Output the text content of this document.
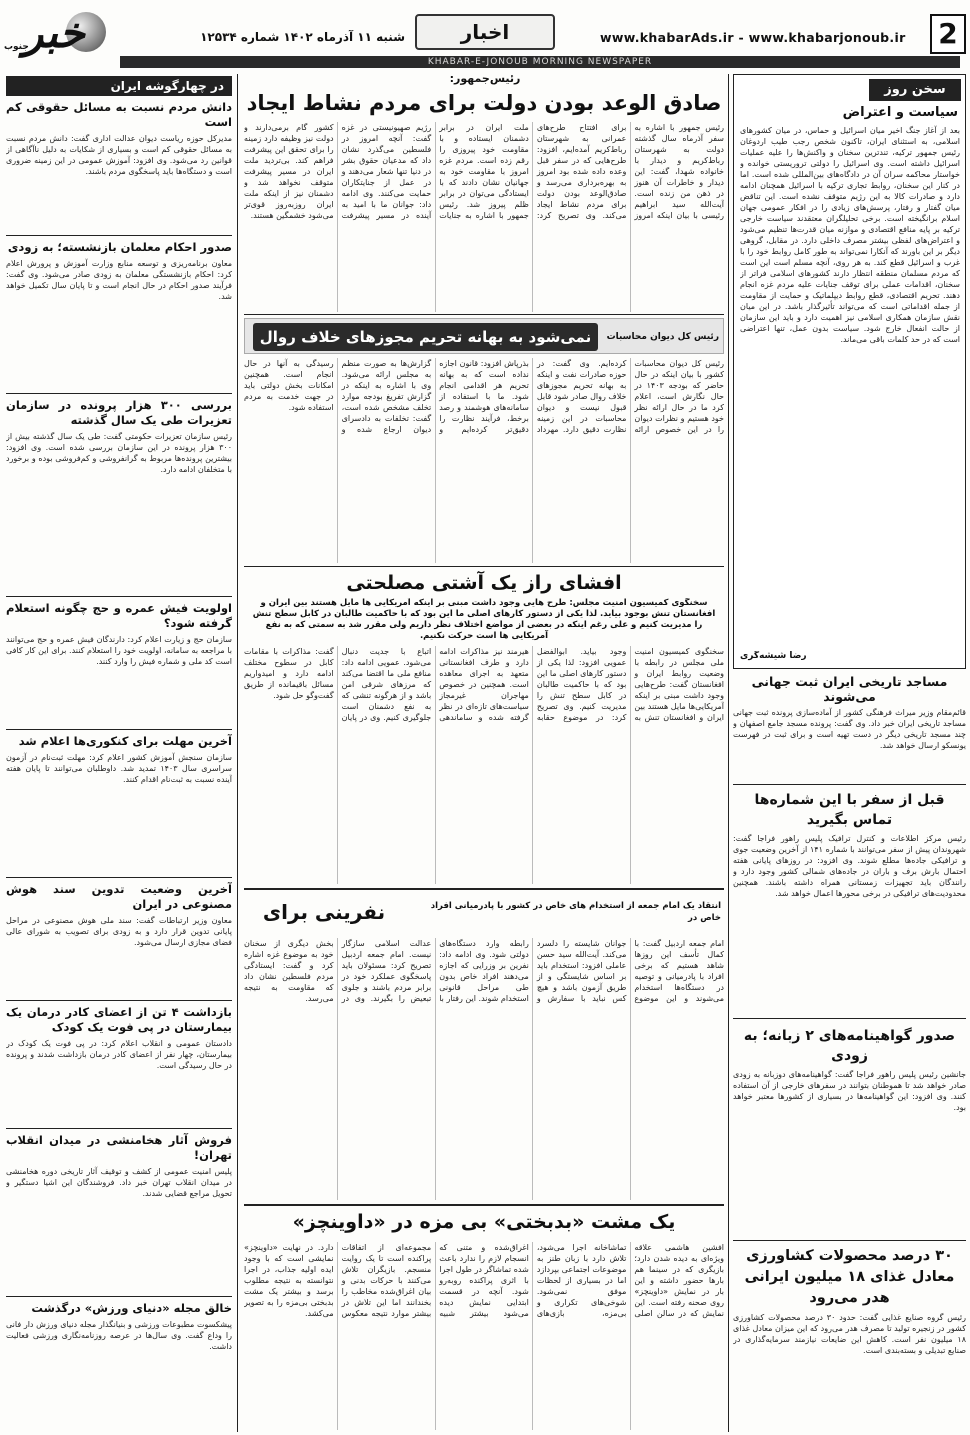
2
www.khabarAds.ir - www.khabarjonoub.ir
اخبار
شنبه ۱۱ آذرماه ۱۴۰۲ شماره ۱۲۵۳۴
خبر
جنوب
KHABAR-E-JONOUB MORNING NEWSPAPER
سخن روز
سیاست و اعتراض
بعد از آغاز جنگ اخیر میان اسرائیل و حماس، در میان کشورهای اسلامی، به استثنای ایران، تاکنون شخص رجب طیب اردوغان رئیس جمهور ترکیه، تندترین سخنان و واکنش‌ها را علیه عملیات اسرائیل داشته است. وی اسرائیل را دولتی تروریستی خوانده و خواستار محاکمه سران آن در دادگاه‌های بین‌المللی شده است. اما در کنار این سخنان، روابط تجاری ترکیه با اسرائیل همچنان ادامه دارد و صادرات کالا به این رژیم متوقف نشده است. این تناقض میان گفتار و رفتار، پرسش‌های زیادی را در افکار عمومی جهان اسلام برانگیخته است. برخی تحلیلگران معتقدند سیاست خارجی ترکیه بر پایه منافع اقتصادی و موازنه میان قدرت‌ها تنظیم می‌شود و اعتراض‌های لفظی بیشتر مصرف داخلی دارد. در مقابل، گروهی دیگر بر این باورند که آنکارا نمی‌تواند به طور کامل روابط خود را با غرب و اسرائیل قطع کند. به هر روی، آنچه مسلم است این است که مردم مسلمان منطقه انتظار دارند کشورهای اسلامی فراتر از سخنان، اقدامات عملی برای توقف جنایات علیه مردم غزه انجام دهند. تحریم اقتصادی، قطع روابط دیپلماتیک و حمایت از مقاومت از جمله اقداماتی است که می‌تواند تأثیرگذار باشد. در این میان نقش سازمان همکاری اسلامی نیز اهمیت دارد و باید این سازمان از حالت انفعال خارج شود. سیاست بدون عمل، تنها اعتراضی است که در حد کلمات باقی می‌ماند.
رضا شیشه‌گری
مساجد تاریخی ایران ثبت جهانی می‌شوند
قائم‌مقام وزیر میراث فرهنگی کشور از آماده‌سازی پرونده ثبت جهانی مساجد تاریخی ایران خبر داد. وی گفت: پرونده مسجد جامع اصفهان و چند مسجد تاریخی دیگر در دست تهیه است و برای ثبت در فهرست یونسکو ارسال خواهد شد.
قبل از سفر با این شماره‌ها تماس بگیرید
رئیس مرکز اطلاعات و کنترل ترافیک پلیس راهور فراجا گفت: شهروندان پیش از سفر می‌توانند با شماره ۱۴۱ از آخرین وضعیت جوی و ترافیکی جاده‌ها مطلع شوند. وی افزود: در روزهای پایانی هفته احتمال بارش برف و باران در جاده‌های شمالی کشور وجود دارد و رانندگان باید تجهیزات زمستانی همراه داشته باشند. همچنین محدودیت‌های ترافیکی در برخی محورها اعمال خواهد شد.
صدور گواهینامه‌های ۲ زبانه؛ به زودی
جانشین رئیس پلیس راهور فراجا گفت: گواهینامه‌های دوزبانه به زودی صادر خواهد شد تا هموطنان بتوانند در سفرهای خارجی از آن استفاده کنند. وی افزود: این گواهینامه‌ها در بسیاری از کشورها معتبر خواهد بود.
۳۰ درصد محصولات کشاورزی معادل غذای ۱۸ میلیون ایرانی هدر می‌رود
رئیس گروه صنایع غذایی گفت: حدود ۳۰ درصد محصولات کشاورزی کشور در زنجیره تولید تا مصرف هدر می‌رود که این میزان معادل غذای ۱۸ میلیون نفر است. کاهش این ضایعات نیازمند سرمایه‌گذاری در صنایع تبدیلی و بسته‌بندی است.
در چهارگوشه ایران
دانش مردم نسبت به مسائل حقوقی کم است
مدیرکل حوزه ریاست دیوان عدالت اداری گفت: دانش مردم نسبت به مسائل حقوقی کم است و بسیاری از شکایات به دلیل ناآگاهی از قوانین رد می‌شود. وی افزود: آموزش عمومی در این زمینه ضروری است و دستگاه‌ها باید پاسخگوی مردم باشند.
صدور احکام معلمان بازنشسته؛ به زودی
معاون برنامه‌ریزی و توسعه منابع وزارت آموزش و پرورش اعلام کرد: احکام بازنشستگی معلمان به زودی صادر می‌شود. وی گفت: فرآیند صدور احکام در حال انجام است و تا پایان سال تکمیل خواهد شد.
بررسی ۳۰۰ هزار پرونده در سازمان تعزیرات طی یک سال گذشته
رئیس سازمان تعزیرات حکومتی گفت: طی یک سال گذشته بیش از ۳۰۰ هزار پرونده در این سازمان بررسی شده است. وی افزود: بیشترین پرونده‌ها مربوط به گرانفروشی و کم‌فروشی بوده و برخورد با متخلفان ادامه دارد.
اولویت فیش عمره و حج چگونه استعلام گرفته شود؟
سازمان حج و زیارت اعلام کرد: دارندگان فیش عمره و حج می‌توانند با مراجعه به سامانه، اولویت خود را استعلام کنند. برای این کار کافی است کد ملی و شماره فیش را وارد کنند.
آخرین مهلت برای کنکوری‌ها اعلام شد
سازمان سنجش آموزش کشور اعلام کرد: مهلت ثبت‌نام در آزمون سراسری سال ۱۴۰۳ تمدید شد. داوطلبان می‌توانند تا پایان هفته آینده نسبت به ثبت‌نام اقدام کنند.
آخرین وضعیت تدوین سند هوش مصنوعی در ایران
معاون وزیر ارتباطات گفت: سند ملی هوش مصنوعی در مراحل پایانی تدوین قرار دارد و به زودی برای تصویب به شورای عالی فضای مجازی ارسال می‌شود.
بازداشت ۴ تن از اعضای کادر درمان یک بیمارستان در پی فوت یک کودک
دادستان عمومی و انقلاب اعلام کرد: در پی فوت یک کودک در بیمارستان، چهار نفر از اعضای کادر درمان بازداشت شدند و پرونده در حال رسیدگی است.
فروش آثار هخامنشی در میدان انقلاب تهران!
پلیس امنیت عمومی از کشف و توقیف آثار تاریخی دوره هخامنشی در میدان انقلاب تهران خبر داد. فروشندگان این اشیا دستگیر و تحویل مراجع قضایی شدند.
خالق مجله «دنیای ورزش» درگذشت
پیشکسوت مطبوعات ورزشی و بنیانگذار مجله دنیای ورزش دار فانی را وداع گفت. وی سال‌ها در عرصه روزنامه‌نگاری ورزشی فعالیت داشت.
رئیس‌جمهور:
صادق الوعد بودن دولت برای مردم نشاط ایجاد
رئیس جمهور با اشاره به سفر آذرماه سال گذشته دولت به شهرستان رباط‌کریم و دیدار با خانواده شهدا، گفت: این دیدار و خاطرات آن هنوز در ذهن من زنده است. آیت‌الله سید ابراهیم رئیسی با بیان اینکه امروز برای افتتاح طرح‌های عمرانی به شهرستان رباط‌کریم آمده‌ایم، افزود: طرح‌هایی که در سفر قبل وعده داده شده بود امروز به بهره‌برداری می‌رسد و صادق‌الوعد بودن دولت برای مردم نشاط ایجاد می‌کند. وی تصریح کرد: ملت ایران در برابر دشمنان ایستاده و با مقاومت خود پیروزی را رقم زده است. مردم غزه امروز با مقاومت خود به جهانیان نشان دادند که با ایستادگی می‌توان در برابر ظلم پیروز شد. رئیس جمهور با اشاره به جنایات رژیم صهیونیستی در غزه گفت: آنچه امروز در فلسطین می‌گذرد نشان داد که مدعیان حقوق بشر در دنیا تنها شعار می‌دهند و در عمل از جنایتکاران حمایت می‌کنند. وی ادامه داد: جوانان ما با امید به آینده در مسیر پیشرفت کشور گام برمی‌دارند و دولت نیز وظیفه دارد زمینه را برای تحقق این پیشرفت فراهم کند. بی‌تردید ملت ایران در مسیر پیشرفت متوقف نخواهد شد و دشمنان نیز از اینکه ملت ایران روزبه‌روز قوی‌تر می‌شود خشمگین هستند.
نمی‌شود به بهانه تحریم مجوزهای خلاف روال	رئیس کل دیوان محاسبات
رئیس کل دیوان محاسبات کشور با بیان اینکه در حال حاضر که بودجه ۱۴۰۳ در حال نگارش است، اعلام کرد ما در حال ارائه نظر خود هستیم و نظرات دیوان را در این خصوص ارائه کرده‌ایم. وی گفت: در حوزه صادرات نفت و اینکه به بهانه تحریم مجوزهای خلاف روال صادر شود قابل قبول نیست و دیوان محاسبات در این زمینه نظارت دقیق دارد. مهرداد بذرپاش افزود: قانون اجازه نداده است که به بهانه تحریم هر اقدامی انجام شود. ما با استفاده از سامانه‌های هوشمند و رصد برخط، فرآیند نظارت را دقیق‌تر کرده‌ایم و گزارش‌ها به صورت منظم به مجلس ارائه می‌شود. وی با اشاره به اینکه در گزارش تفریغ بودجه موارد تخلف مشخص شده است، گفت: تخلفات به دادسرای دیوان ارجاع شده و رسیدگی به آنها در حال انجام است. همچنین امکانات بخش دولتی باید در جهت خدمت به مردم استفاده شود.
افشای راز یک آشتی مصلحتی
سخنگوی کمیسیون امنیت مجلس: طرح هایی وجود داشت مبنی بر اینکه آمریکایی ها مایل هستند بین ایران و افغانستان تنش بوجود بیاید. لذا یکی از دستور کارهای اصلی ما این بود که با حاکمیت طالبان در کابل سطح تنش را مدیریت کنیم و علی رغم اینکه در بعضی از مواضع اختلاف نظر داریم ولی مقرر شد به سمتی که به نفع آمریکایی ها است حرکت نکنیم.
سخنگوی کمیسیون امنیت ملی مجلس در رابطه با وضعیت روابط ایران و افغانستان گفت: طرح‌هایی وجود داشت مبنی بر اینکه آمریکایی‌ها مایل هستند بین ایران و افغانستان تنش به وجود بیاید. ابوالفضل عمویی افزود: لذا یکی از دستور کارهای اصلی ما این بود که با حاکمیت طالبان در کابل سطح تنش را مدیریت کنیم. وی تصریح کرد: در موضوع حقابه هیرمند نیز مذاکرات ادامه دارد و طرف افغانستانی متعهد به اجرای معاهده است. همچنین در خصوص مهاجران غیرمجاز سیاست‌های تازه‌ای در نظر گرفته شده و ساماندهی اتباع با جدیت دنبال می‌شود. عمویی ادامه داد: منافع ملی ما اقتضا می‌کند که مرزهای شرقی امن باشد و از هرگونه تنشی که به نفع دشمنان است جلوگیری کنیم. وی در پایان گفت: مذاکرات با مقامات کابل در سطوح مختلف ادامه دارد و امیدواریم مسائل باقیمانده از طریق گفت‌وگو حل شود.
نفرینی برای	انتقاد یک امام جمعه از استخدام های خاص در کشور با پادرمیانی افراد خاص در
امام جمعه اردبیل گفت: با کمال تأسف این روزها شاهد هستیم که برخی افراد با پادرمیانی و توصیه در دستگاه‌ها استخدام می‌شوند و این موضوع جوانان شایسته را دلسرد می‌کند. آیت‌الله سید حسن عاملی افزود: استخدام باید بر اساس شایستگی و از طریق آزمون باشد و هیچ کس نباید با سفارش و رابطه وارد دستگاه‌های دولتی شود. وی ادامه داد: نفرین بر وزرایی که اجازه می‌دهند افراد خاص بدون طی مراحل قانونی استخدام شوند. این رفتار با عدالت اسلامی سازگار نیست. امام جمعه اردبیل تصریح کرد: مسئولان باید پاسخگوی عملکرد خود در برابر مردم باشند و جلوی تبعیض را بگیرند. وی در بخش دیگری از سخنان خود به موضوع غزه اشاره کرد و گفت: ایستادگی مردم فلسطین نشان داد که مقاومت به نتیجه می‌رسد.
یک مشت «بدبختی» بی مزه در «داوینچز»
افشین هاشمی علاقه ویژه‌ای به دیده شدن دارد؛ بازیگری که در سینما هم بارها حضور داشته و این بار در نمایش «داوینچز» روی صحنه رفته است. این نمایش که در سالن اصلی تماشاخانه اجرا می‌شود، تلاش دارد با زبان طنز به موضوعات اجتماعی بپردازد اما در بسیاری از لحظات موفق نمی‌شود. شوخی‌های تکراری و بی‌مزه، بازی‌های اغراق‌شده و متنی که انسجام لازم را ندارد باعث شده تماشاگر در طول اجرا با اثری پراکنده روبه‌رو شود. آنچه در قسمت ابتدایی نمایش دیده می‌شود بیشتر شبیه مجموعه‌ای از اتفاقات پراکنده است تا یک روایت منسجم. بازیگران تلاش می‌کنند با حرکات بدنی و بیان اغراق‌شده مخاطب را بخندانند اما این تلاش در بیشتر موارد نتیجه معکوس دارد. در نهایت «داوینچز» نمایشی است که با وجود ایده اولیه جذاب، در اجرا نتوانسته به نتیجه مطلوب برسد و بیشتر یک مشت بدبختی بی‌مزه را به تصویر می‌کشد.
